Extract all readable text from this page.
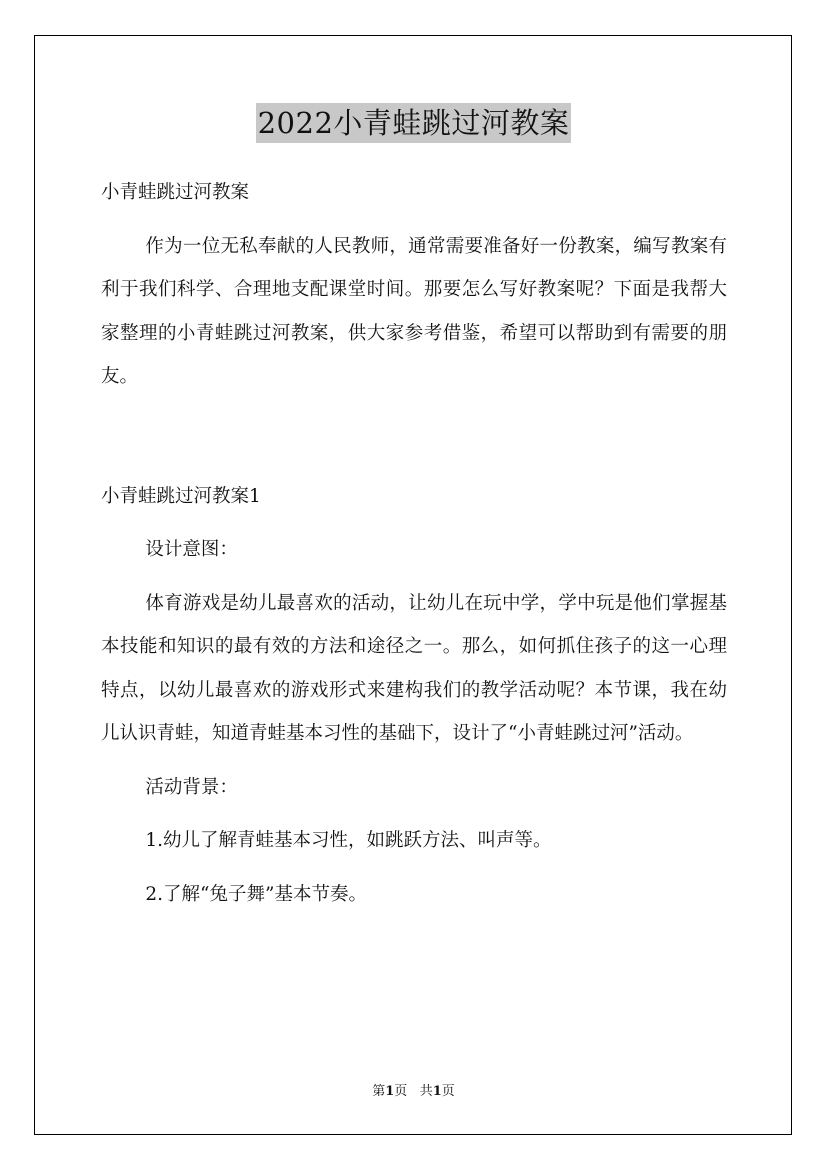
2022小青蛙跳过河教案

小青蛙跳过河教案

作为一位无私奉献的人民教师，通常需要准备好一份教案，编写教案有利于我们科学、合理地支配课堂时间。那要怎么写好教案呢？下面是我帮大家整理的小青蛙跳过河教案，供大家参考借鉴，希望可以帮助到有需要的朋友。

小青蛙跳过河教案1

设计意图：

体育游戏是幼儿最喜欢的活动，让幼儿在玩中学，学中玩是他们掌握基本技能和知识的最有效的方法和途径之一。那么，如何抓住孩子的这一心理特点，以幼儿最喜欢的游戏形式来建构我们的教学活动呢？本节课，我在幼儿认识青蛙，知道青蛙基本习性的基础下，设计了“小青蛙跳过河”活动。

活动背景：

1.幼儿了解青蛙基本习性，如跳跃方法、叫声等。

2.了解“兔子舞”基本节奏。

第1页   共1页
